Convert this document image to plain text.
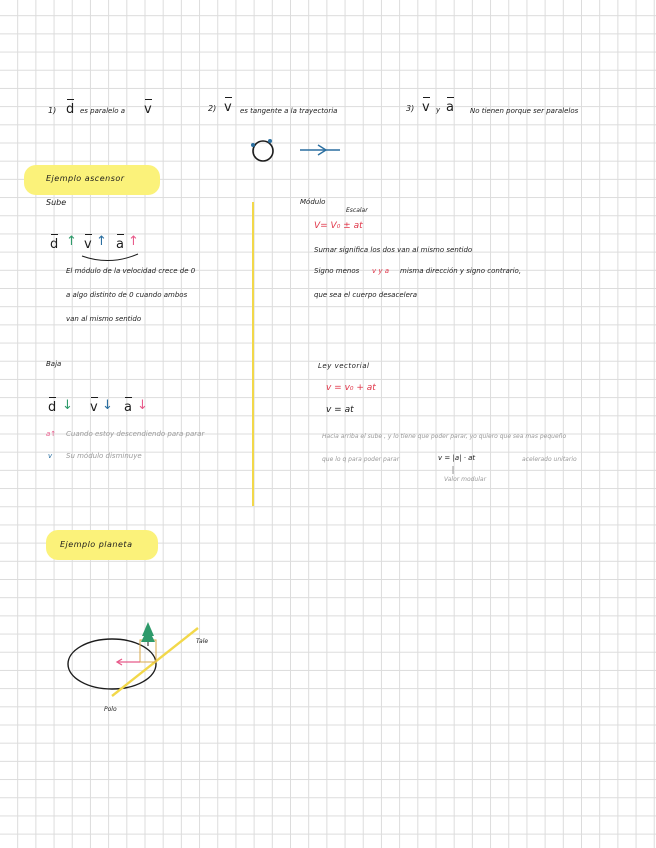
1) d es paralelo a v	2) v es tangente a la trayectoria	3) v y a No tienen porque ser paralelos
Ejemplo ascensor
Sube
d ↑ v ↑ a ↑
El módulo de la velocidad crece de 0
a algo distinto de 0 cuando ambos
van al mismo sentido
Baja
d ↓ v ↓ a ↓
a↑ Cuando estoy descendiendo para parar
v Su módulo disminuye
Módulo
Escalar
V= V₀ ± at
Sumar significa los dos van al mismo sentido
Signo menos v y a misma dirección y signo contrario,
que sea el cuerpo desacelera
Ley vectorial
v = v₀ + at
v = at
Hacia arriba el sube , y lo tiene que poder parar, yo quiero que sea mas pequeño
que lo q para poder parar	v = |a| · at	acelerado unitario
Valor modular
Ejemplo planeta
Tale
Polo
